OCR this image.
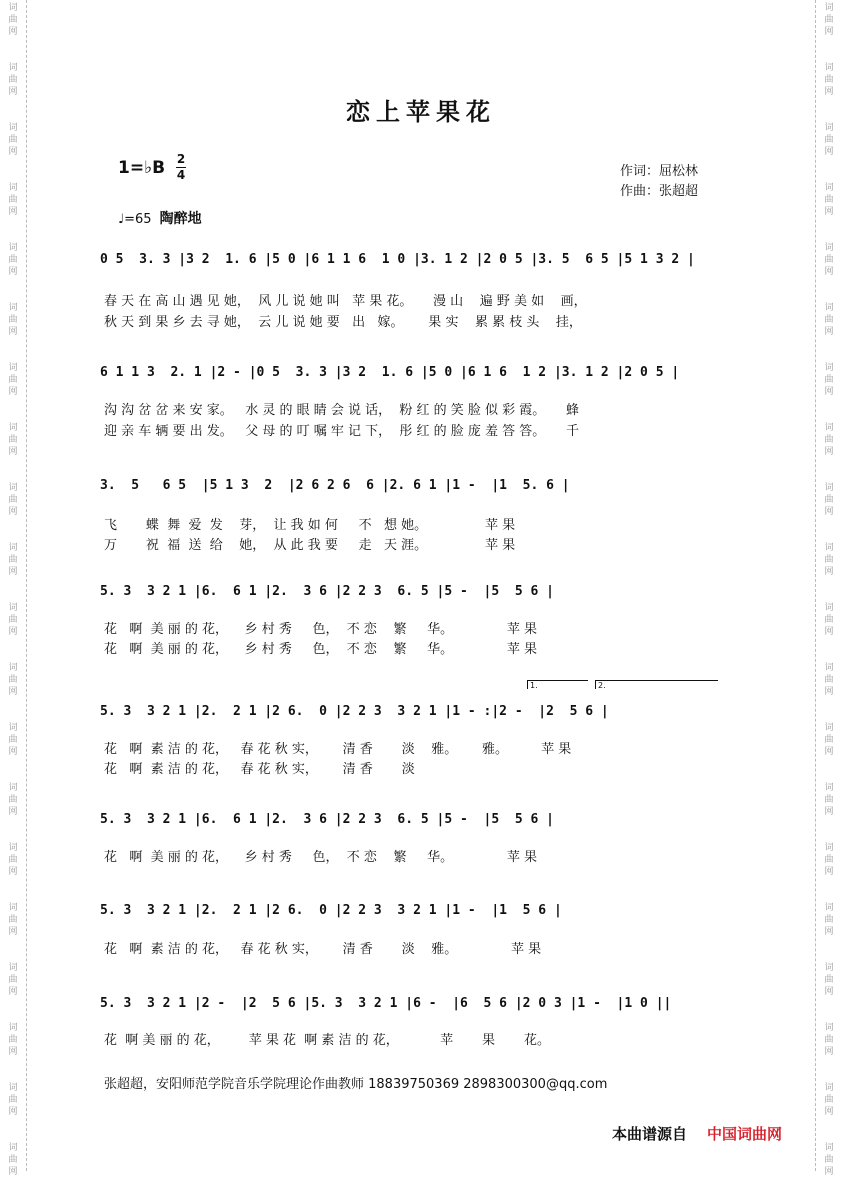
词
曲
网
词
曲
网
词
曲
网
词
曲
网
词
曲
网
词
曲
网
词
曲
网
词
曲
网
词
曲
网
词
曲
网
词
曲
网
词
曲
网
词
曲
网
词
曲
网
词
曲
网
词
曲
网
词
曲
网
词
曲
网
词
曲
网
词
曲
网
词
曲
网
词
曲
网
词
曲
网
词
曲
网
词
曲
网
词
曲
网
词
曲
网
词
曲
网
词
曲
网
词
曲
网
词
曲
网
词
曲
网
词
曲
网
词
曲
网
词
曲
网
词
曲
网
词
曲
网
词
曲
网
词
曲
网
词
曲
网
恋上苹果花
1=♭B 2
4	作词：屈松林
作曲：张超超
♩=65 陶醉地
0 5  3. 3 |3 2  1. 6 |5 0 |6 1 1 6  1 0 |3. 1 2 |2 0 5 |3. 5  6 5 |5 1 3 2 |
春 天 在 高 山 遇 见 她，  风 儿 说 她 叫   苹 果 花。     漫 山    遍 野 美 如    画，
秋 天 到 果 乡 去 寻 她，  云 儿 说 她 要   出   嫁。      果 实    累 累 枝 头    挂，
6 1 1 3  2. 1 |2 - |0 5  3. 3 |3 2  1. 6 |5 0 |6 1 6  1 2 |3. 1 2 |2 0 5 |
沟 沟 岔 岔 来 安 家。   水 灵 的 眼 睛 会 说 话，  粉 红 的 笑 脸 似 彩 霞。     蜂
迎 亲 车 辆 要 出 发。   父 母 的 叮 嘱 牢 记 下，  彤 红 的 脸 庞 羞 答 答。     千
3.  5   6 5  |5 1 3  2  |2 6 2 6  6 |2. 6 1 |1 -  |1  5. 6 |
飞       蝶  舞  爱  发    芽，  让 我 如 何     不   想 她。              苹 果
万       祝  福  送  给    她，  从 此 我 要     走   天 涯。              苹 果
5. 3  3 2 1 |6.  6 1 |2.  3 6 |2 2 3  6. 5 |5 -  |5  5 6 |
花   啊  美 丽 的 花，    乡 村 秀     色，  不 恋    繁     华。             苹 果
花   啊  美 丽 的 花，    乡 村 秀     色，  不 恋    繁     华。             苹 果
1.	2.
5. 3  3 2 1 |2.  2 1 |2 6.  0 |2 2 3  3 2 1 |1 - :|2 -  |2  5 6 |
花   啊  素 洁 的 花，   春 花 秋 实，      清 香       淡    雅。      雅。        苹 果
花   啊  素 洁 的 花，   春 花 秋 实，      清 香       淡
5. 3  3 2 1 |6.  6 1 |2.  3 6 |2 2 3  6. 5 |5 -  |5  5 6 |
花   啊  美 丽 的 花，    乡 村 秀     色，  不 恋    繁     华。             苹 果
5. 3  3 2 1 |2.  2 1 |2 6.  0 |2 2 3  3 2 1 |1 -  |1  5 6 |
花   啊  素 洁 的 花，   春 花 秋 实，      清 香       淡    雅。             苹 果
5. 3  3 2 1 |2 -  |2  5 6 |5. 3  3 2 1 |6 -  |6  5 6 |2 0 3 |1 -  |1 0 ||
花  啊 美 丽 的 花，       苹 果 花  啊 素 洁 的 花，          苹       果       花。
张超超，安阳师范学院音乐学院理论作曲教师 18839750369 2898300300@qq.com
本曲谱源自 中国词曲网
